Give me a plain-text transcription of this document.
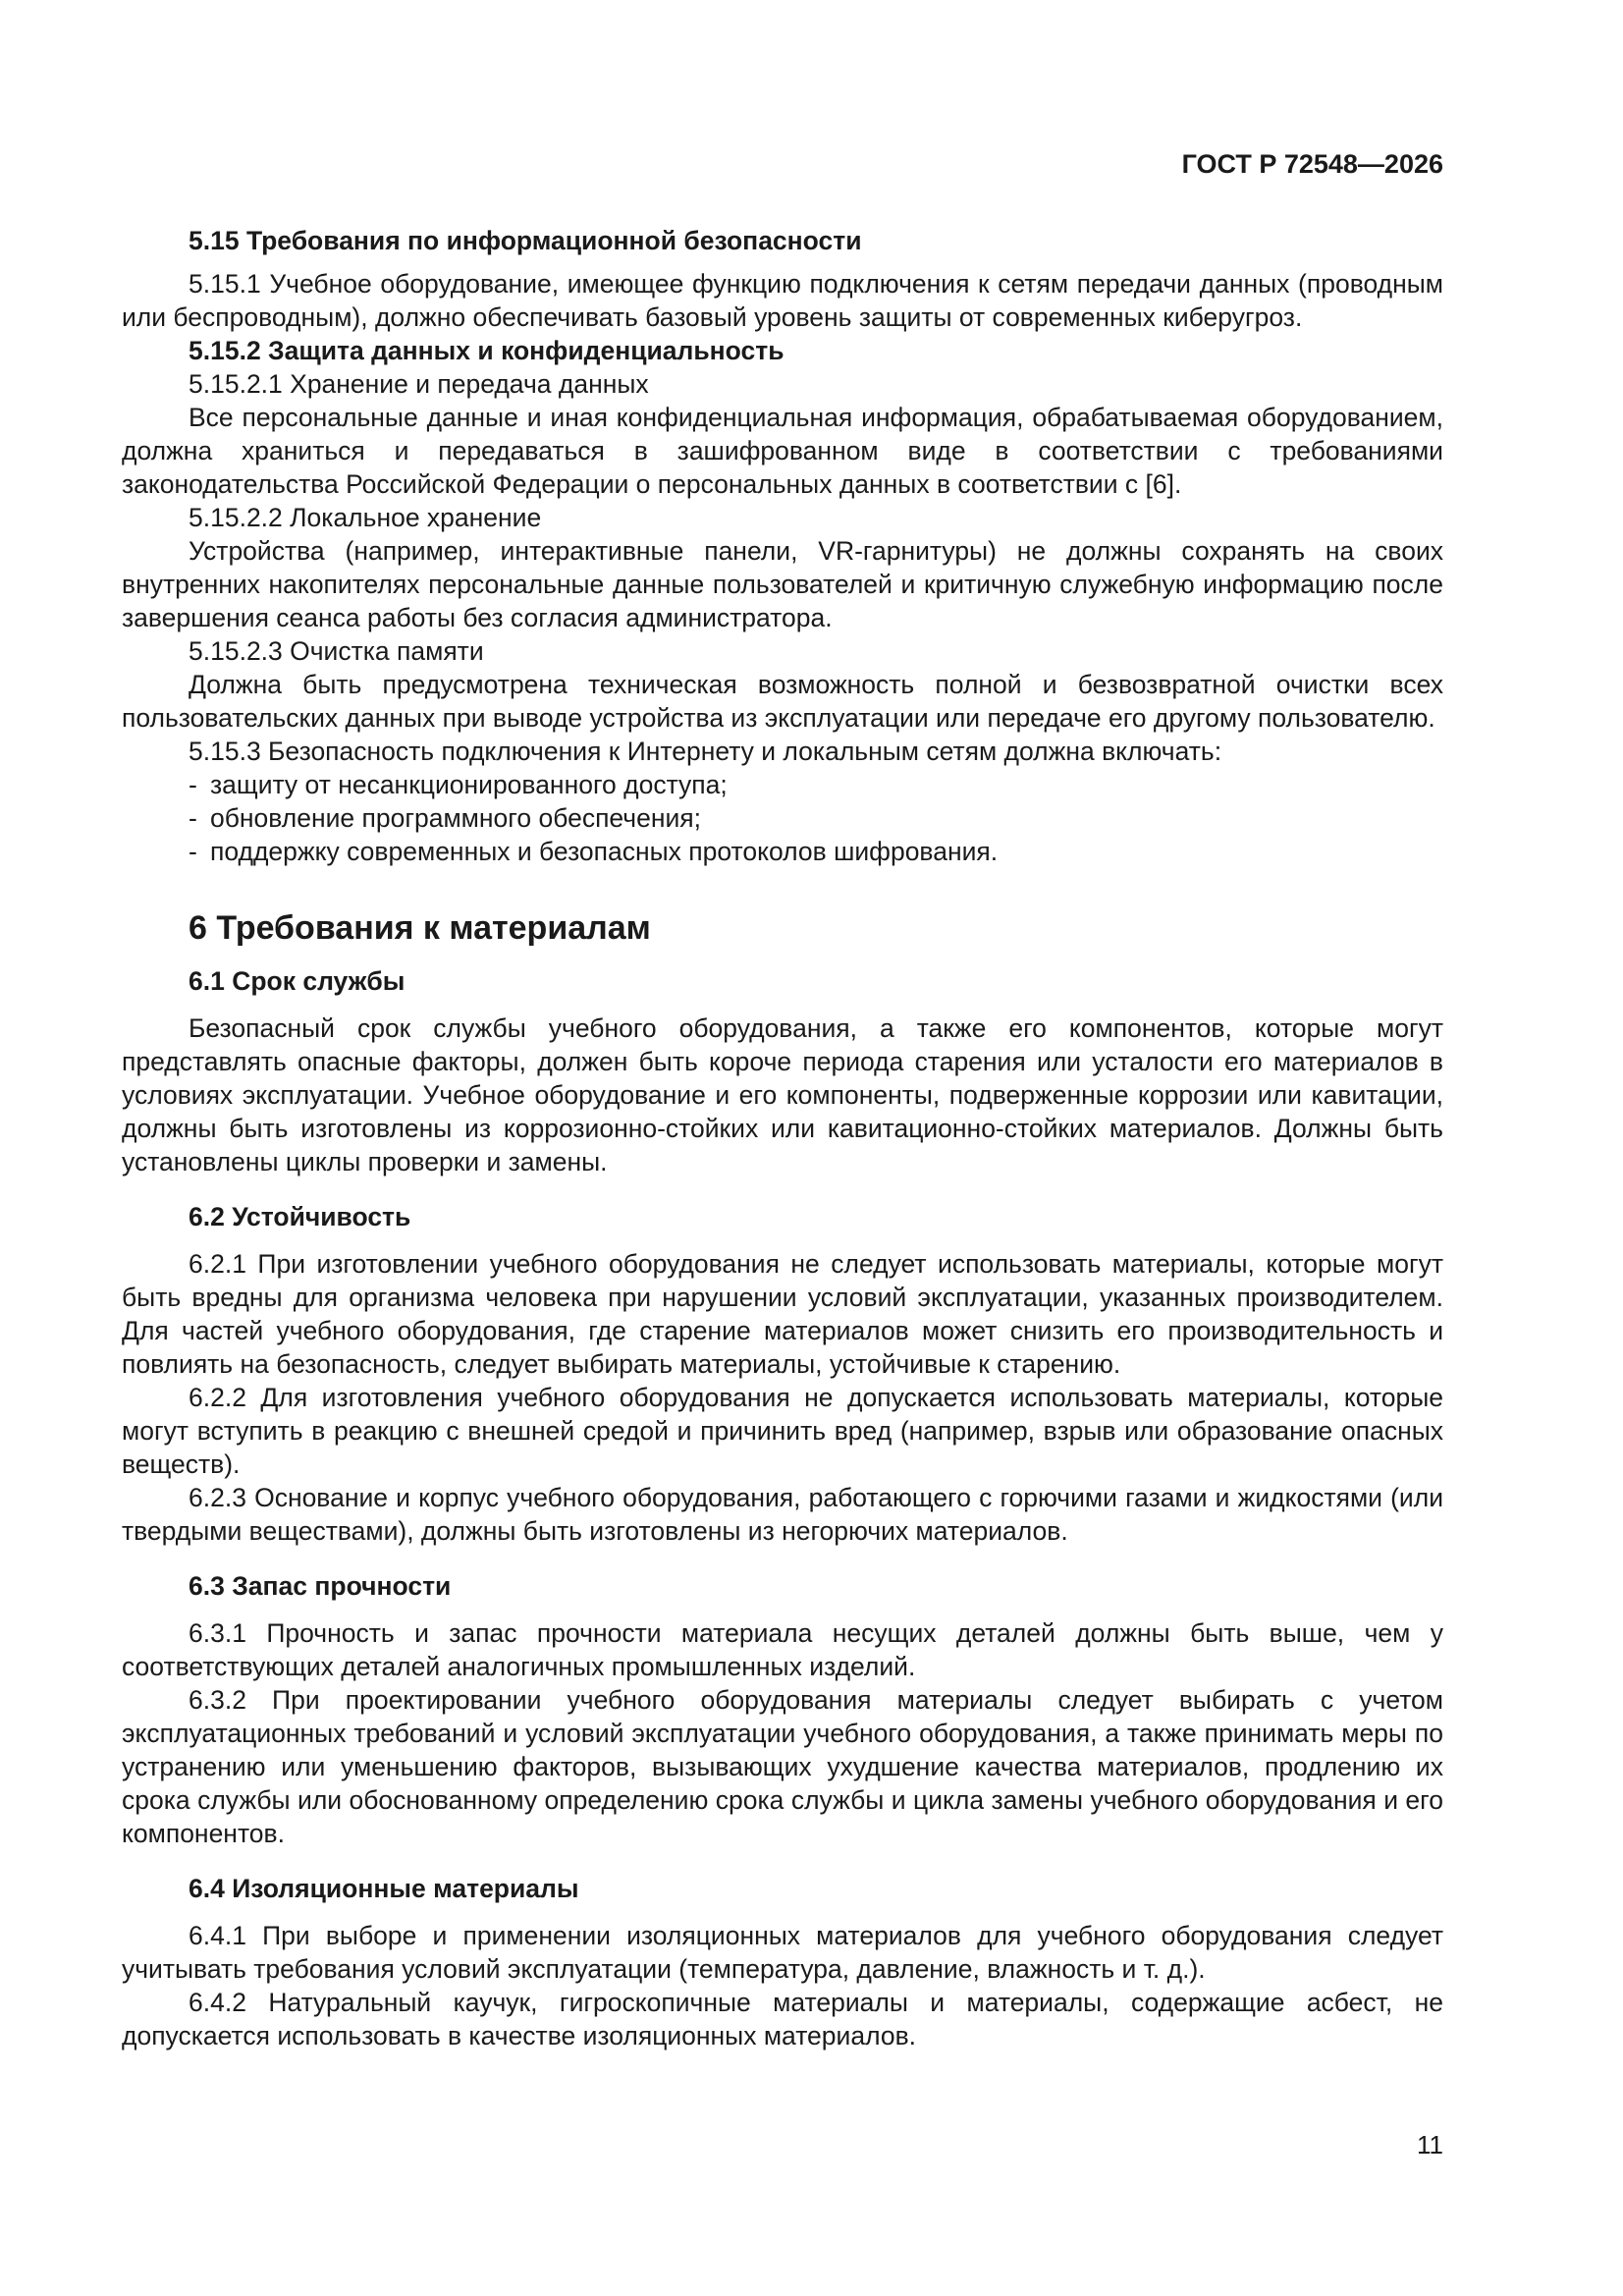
ГОСТ Р 72548—2026

5.15 Требования по информационной безопасности

5.15.1 Учебное оборудование, имеющее функцию подключения к сетям передачи данных (проводным или беспроводным), должно обеспечивать базовый уровень защиты от современных киберугроз.

5.15.2 Защита данных и конфиденциальность

5.15.2.1 Хранение и передача данных

Все персональные данные и иная конфиденциальная информация, обрабатываемая оборудованием, должна храниться и передаваться в зашифрованном виде в соответствии с требованиями законодательства Российской Федерации о персональных данных в соответствии с [6].

5.15.2.2 Локальное хранение

Устройства (например, интерактивные панели, VR-гарнитуры) не должны сохранять на своих внутренних накопителях персональные данные пользователей и критичную служебную информацию после завершения сеанса работы без согласия администратора.

5.15.2.3 Очистка памяти

Должна быть предусмотрена техническая возможность полной и безвозвратной очистки всех пользовательских данных при выводе устройства из эксплуатации или передаче его другому пользователю.

5.15.3 Безопасность подключения к Интернету и локальным сетям должна включать:

- защиту от несанкционированного доступа;

- обновление программного обеспечения;

- поддержку современных и безопасных протоколов шифрования.

6 Требования к материалам

6.1 Срок службы

Безопасный срок службы учебного оборудования, а также его компонентов, которые могут представлять опасные факторы, должен быть короче периода старения или усталости его материалов в условиях эксплуатации. Учебное оборудование и его компоненты, подверженные коррозии или кавитации, должны быть изготовлены из коррозионно-стойких или кавитационно-стойких материалов. Должны быть установлены циклы проверки и замены.

6.2 Устойчивость

6.2.1 При изготовлении учебного оборудования не следует использовать материалы, которые могут быть вредны для организма человека при нарушении условий эксплуатации, указанных производителем. Для частей учебного оборудования, где старение материалов может снизить его производительность и повлиять на безопасность, следует выбирать материалы, устойчивые к старению.

6.2.2 Для изготовления учебного оборудования не допускается использовать материалы, которые могут вступить в реакцию с внешней средой и причинить вред (например, взрыв или образование опасных веществ).

6.2.3 Основание и корпус учебного оборудования, работающего с горючими газами и жидкостями (или твердыми веществами), должны быть изготовлены из негорючих материалов.

6.3 Запас прочности

6.3.1 Прочность и запас прочности материала несущих деталей должны быть выше, чем у соответствующих деталей аналогичных промышленных изделий.

6.3.2 При проектировании учебного оборудования материалы следует выбирать с учетом эксплуатационных требований и условий эксплуатации учебного оборудования, а также принимать меры по устранению или уменьшению факторов, вызывающих ухудшение качества материалов, продлению их срока службы или обоснованному определению срока службы и цикла замены учебного оборудования и его компонентов.

6.4 Изоляционные материалы

6.4.1 При выборе и применении изоляционных материалов для учебного оборудования следует учитывать требования условий эксплуатации (температура, давление, влажность и т. д.).

6.4.2 Натуральный каучук, гигроскопичные материалы и материалы, содержащие асбест, не допускается использовать в качестве изоляционных материалов.

11
